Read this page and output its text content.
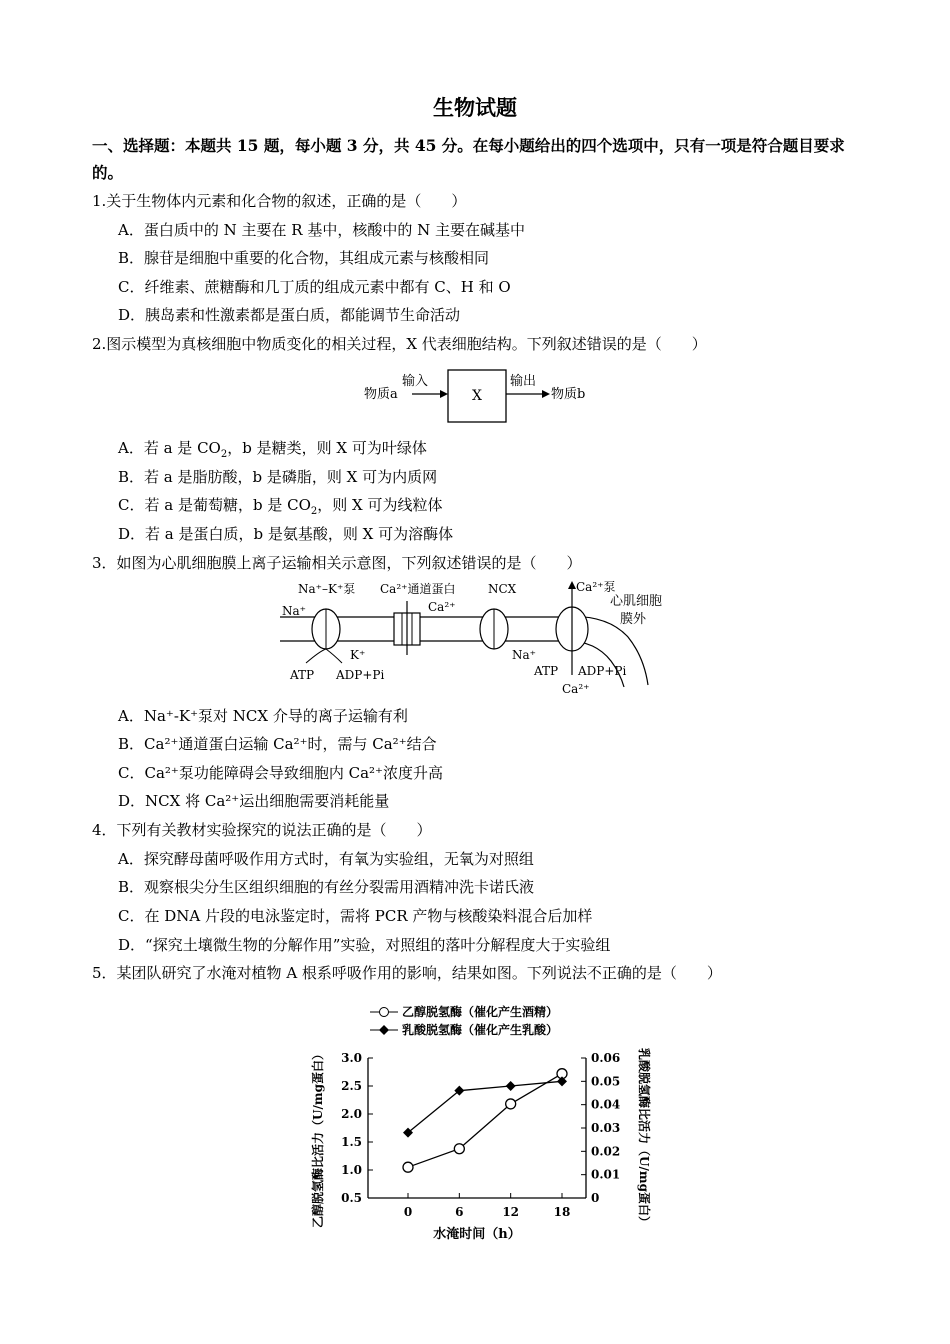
生物试题
一、选择题：本题共 15 题，每小题 3 分，共 45 分。在每小题给出的四个选项中，只有一项是符合题目要求的。
1.关于生物体内元素和化合物的叙述，正确的是（　　）
A．蛋白质中的 N 主要在 R 基中，核酸中的 N 主要在碱基中
B．腺苷是细胞中重要的化合物，其组成元素与核酸相同
C．纤维素、蔗糖酶和几丁质的组成元素中都有 C、H 和 O
D．胰岛素和性激素都是蛋白质，都能调节生命活动
2.图示模型为真核细胞中物质变化的相关过程，X 代表细胞结构。下列叙述错误的是（　　）
物质a
输入
X
输出
物质b
A．若 a 是 $CO_2$，b 是糖类，则 X 可为叶绿体
B．若 a 是脂肪酸，b 是磷脂，则 X 可为内质网
C．若 a 是葡萄糖，b 是 $CO_2$，则 X 可为线粒体
D．若 a 是蛋白质，b 是氨基酸，则 X 可为溶酶体
3．如图为心肌细胞膜上离子运输相关示意图，下列叙述错误的是（　　）
Na⁺–K⁺泵
Na⁺
K⁺
ATP ADP+Pi
Ca²⁺通道蛋白
Ca²⁺
NCX
Na⁺
Ca²⁺泵
心肌细胞
膜外
ATP ADP+Pi
Ca²⁺
A．Na⁺-K⁺泵对 NCX 介导的离子运输有利
B．Ca²⁺通道蛋白运输 Ca²⁺时，需与 Ca²⁺结合
C．Ca²⁺泵功能障碍会导致细胞内 Ca²⁺浓度升高
D．NCX 将 Ca²⁺运出细胞需要消耗能量
4．下列有关教材实验探究的说法正确的是（　　）
A．探究酵母菌呼吸作用方式时，有氧为实验组，无氧为对照组
B．观察根尖分生区组织细胞的有丝分裂需用酒精冲洗卡诺氏液
C．在 DNA 片段的电泳鉴定时，需将 PCR 产物与核酸染料混合后加样
D．“探究土壤微生物的分解作用”实验，对照组的落叶分解程度大于实验组
5．某团队研究了水淹对植物 A 根系呼吸作用的影响，结果如图。下列说法不正确的是（　　）
乙醇脱氢酶（催化产生酒精）
乳酸脱氢酶（催化产生乳酸）
0.5
1.0
1.5
2.0
2.5
3.0
0
0.01
0.02
0.03
0.04
0.05
0.06
0	6	12	18
水淹时间（h）
乙醇脱氢酶比活力（U/mg蛋白）	乳酸脱氢酶比活力（U/mg蛋白）
